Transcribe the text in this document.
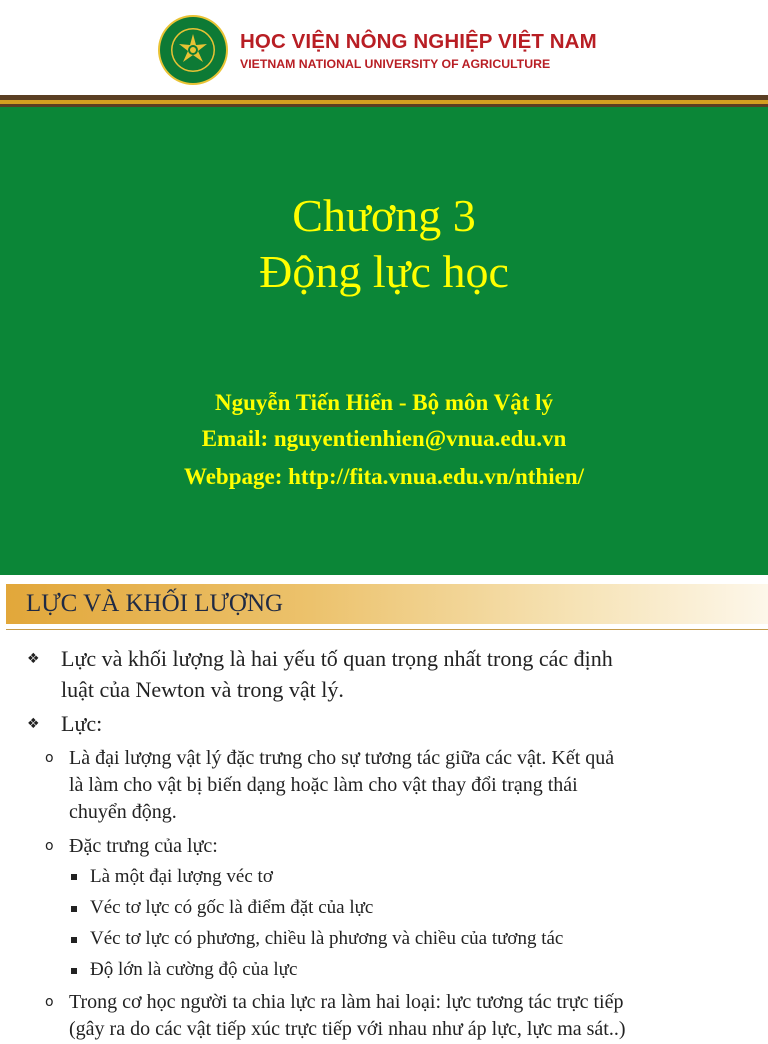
HỌC VIỆN NÔNG NGHIỆP VIỆT NAM
VIETNAM NATIONAL UNIVERSITY OF AGRICULTURE
Chương 3
Động lực học
Nguyễn Tiến Hiển - Bộ môn Vật lý
Email: nguyentienhien@vnua.edu.vn
Webpage: http://fita.vnua.edu.vn/nthien/
LỰC VÀ KHỐI LƯỢNG
❖ Lực và khối lượng là hai yếu tố quan trọng nhất trong các định
luật của Newton và trong vật lý.
❖ Lực:
o Là đại lượng vật lý đặc trưng cho sự tương tác giữa các vật. Kết quả
là làm cho vật bị biến dạng hoặc làm cho vật thay đổi trạng thái
chuyển động.
o Đặc trưng của lực:
Là một đại lượng véc tơ
Véc tơ lực có gốc là điểm đặt của lực
Véc tơ lực có phương, chiều là phương và chiều của tương tác
Độ lớn là cường độ của lực
o Trong cơ học người ta chia lực ra làm hai loại: lực tương tác trực tiếp
(gây ra do các vật tiếp xúc trực tiếp với nhau như áp lực, lực ma sát..)
